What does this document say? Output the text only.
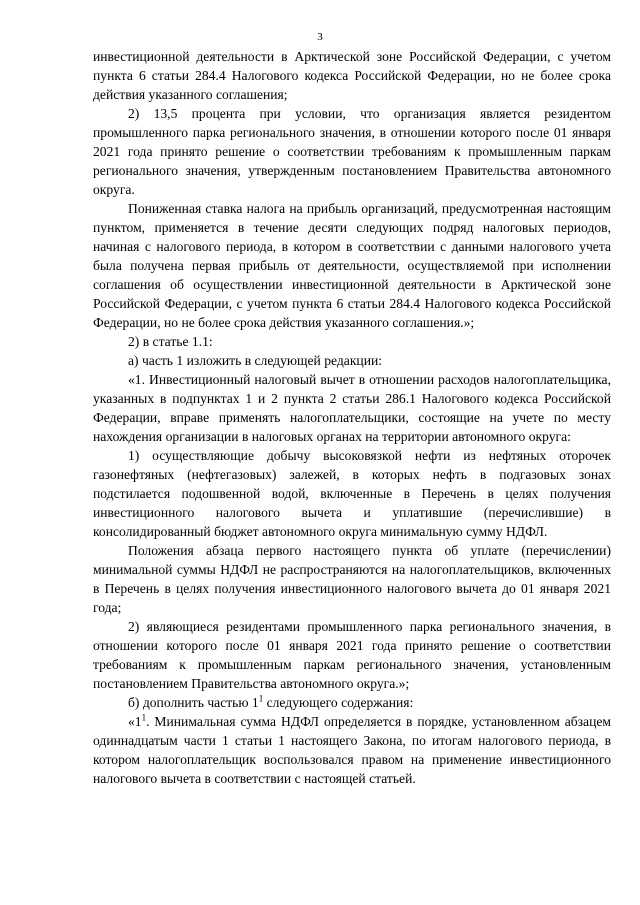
3

инвестиционной деятельности в Арктической зоне Российской Федерации, с учетом пункта 6 статьи 284.4 Налогового кодекса Российской Федерации, но не более срока действия указанного соглашения;

2) 13,5 процента при условии, что организация является резидентом промышленного парка регионального значения, в отношении которого после 01 января 2021 года принято решение о соответствии требованиям к промышленным паркам регионального значения, утвержденным постановлением Правительства автономного округа.

Пониженная ставка налога на прибыль организаций, предусмотренная настоящим пунктом, применяется в течение десяти следующих подряд налоговых периодов, начиная с налогового периода, в котором в соответствии с данными налогового учета была получена первая прибыль от деятельности, осуществляемой при исполнении соглашения об осуществлении инвестиционной деятельности в Арктической зоне Российской Федерации, с учетом пункта 6 статьи 284.4 Налогового кодекса Российской Федерации, но не более срока действия указанного соглашения.»;

2) в статье 1.1:

а) часть 1 изложить в следующей редакции:

«1. Инвестиционный налоговый вычет в отношении расходов налогоплательщика, указанных в подпунктах 1 и 2 пункта 2 статьи 286.1 Налогового кодекса Российской Федерации, вправе применять налогоплательщики, состоящие на учете по месту нахождения организации в налоговых органах на территории автономного округа:

1) осуществляющие добычу высоковязкой нефти из нефтяных оторочек газонефтяных (нефтегазовых) залежей, в которых нефть в подгазовых зонах подстилается подошвенной водой, включенные в Перечень в целях получения инвестиционного налогового вычета и уплатившие (перечислившие) в консолидированный бюджет автономного округа минимальную сумму НДФЛ.

Положения абзаца первого настоящего пункта об уплате (перечислении) минимальной суммы НДФЛ не распространяются на налогоплательщиков, включенных в Перечень в целях получения инвестиционного налогового вычета до 01 января 2021 года;

2) являющиеся резидентами промышленного парка регионального значения, в отношении которого после 01 января 2021 года принято решение о соответствии требованиям к промышленным паркам регионального значения, установленным постановлением Правительства автономного округа.»;

б) дополнить частью $1^1$ следующего содержания:

«$1^1$. Минимальная сумма НДФЛ определяется в порядке, установленном абзацем одиннадцатым части 1 статьи 1 настоящего Закона, по итогам налогового периода, в котором налогоплательщик воспользовался правом на применение инвестиционного налогового вычета в соответствии с настоящей статьей.
